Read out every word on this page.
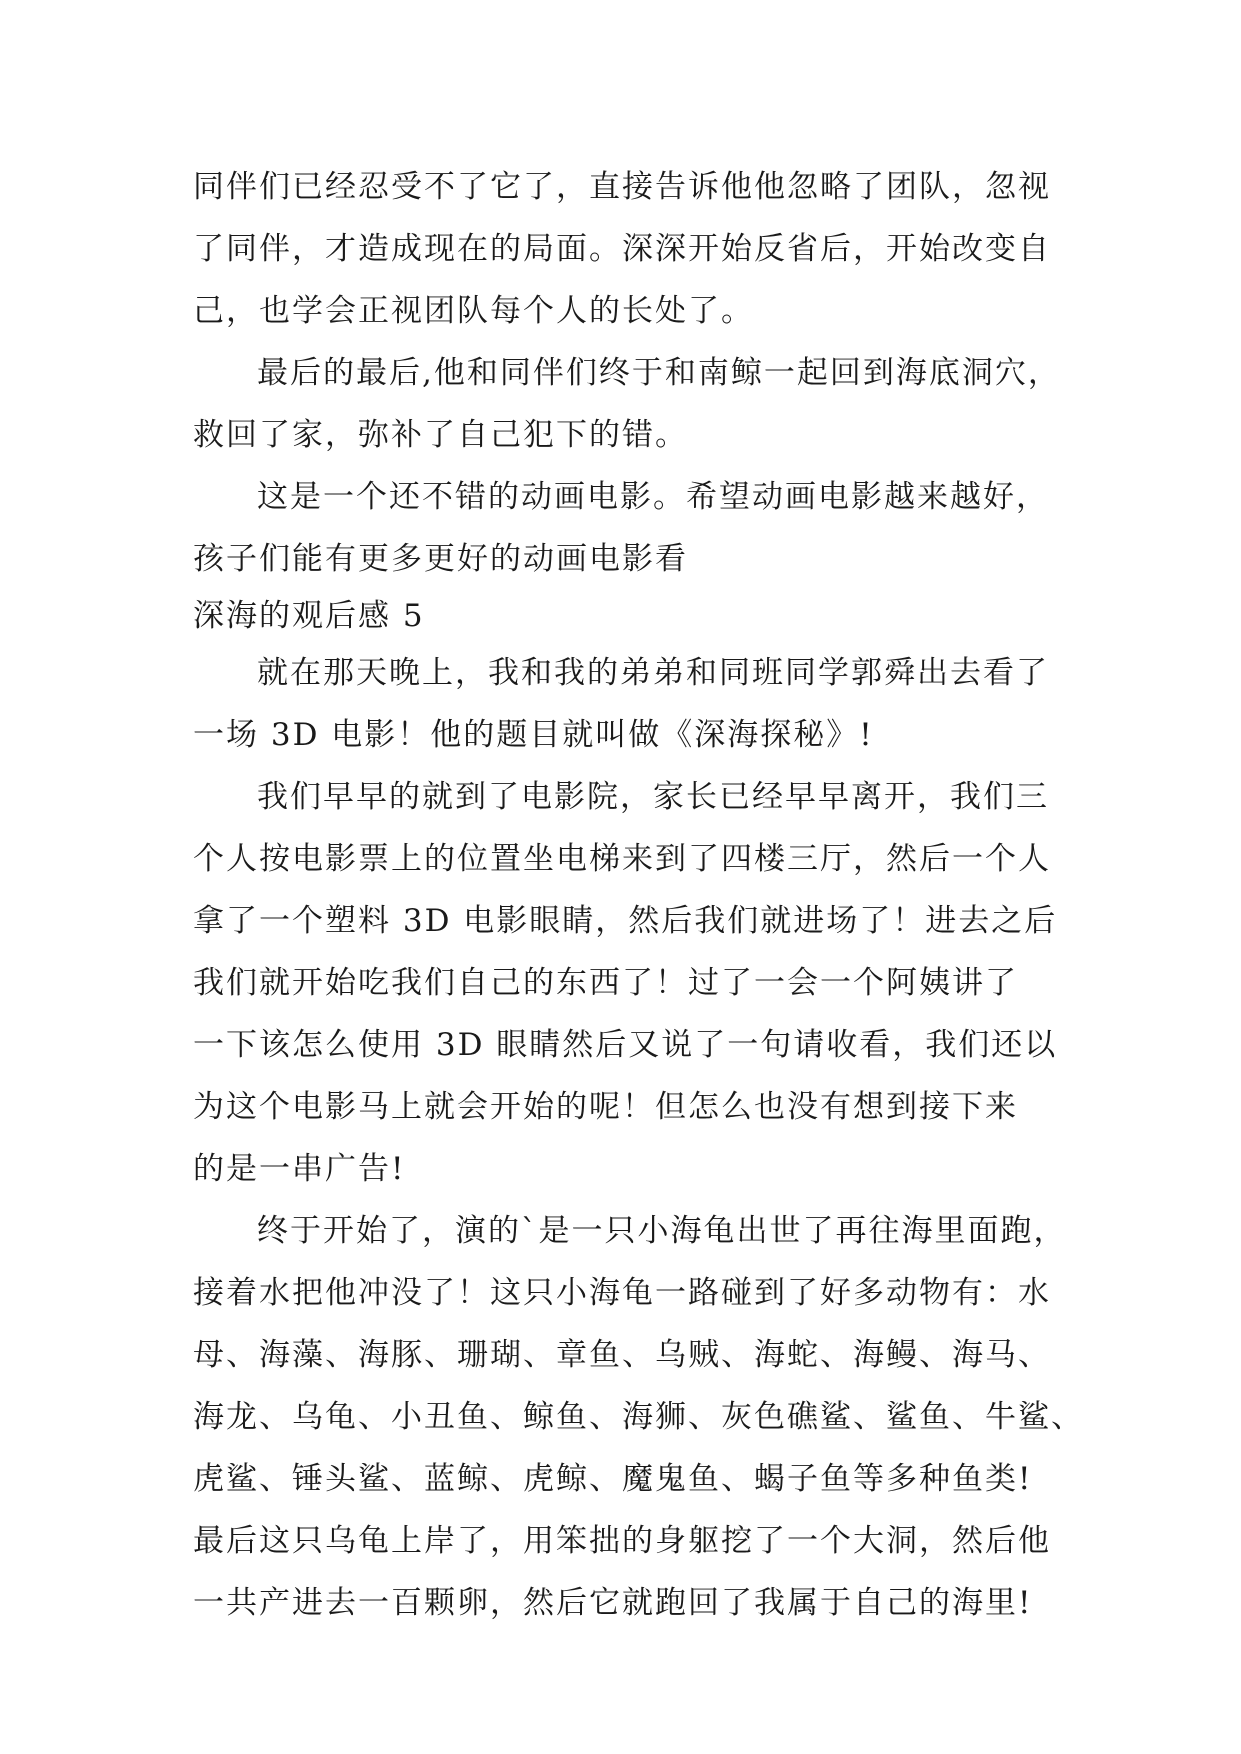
同伴们已经忍受不了它了，直接告诉他他忽略了团队，忽视
了同伴，才造成现在的局面。深深开始反省后，开始改变自
己，也学会正视团队每个人的长处了。
最后的最后,他和同伴们终于和南鲸一起回到海底洞穴，
救回了家，弥补了自己犯下的错。
这是一个还不错的动画电影。希望动画电影越来越好，
孩子们能有更多更好的动画电影看
深海的观后感 5
就在那天晚上，我和我的弟弟和同班同学郭舜出去看了
一场 3D 电影！他的题目就叫做《深海探秘》!
我们早早的就到了电影院，家长已经早早离开，我们三
个人按电影票上的位置坐电梯来到了四楼三厅，然后一个人
拿了一个塑料 3D 电影眼睛，然后我们就进场了！进去之后
我们就开始吃我们自己的东西了！过了一会一个阿姨讲了
一下该怎么使用 3D 眼睛然后又说了一句请收看，我们还以
为这个电影马上就会开始的呢！但怎么也没有想到接下来
的是一串广告!
终于开始了，演的`是一只小海龟出世了再往海里面跑，
接着水把他冲没了！这只小海龟一路碰到了好多动物有：水
母、海藻、海豚、珊瑚、章鱼、乌贼、海蛇、海鳗、海马、
海龙、乌龟、小丑鱼、鲸鱼、海狮、灰色礁鲨、鲨鱼、牛鲨、
虎鲨、锤头鲨、蓝鲸、虎鲸、魔鬼鱼、蝎子鱼等多种鱼类!
最后这只乌龟上岸了，用笨拙的身躯挖了一个大洞，然后他
一共产进去一百颗卵，然后它就跑回了我属于自己的海里!
